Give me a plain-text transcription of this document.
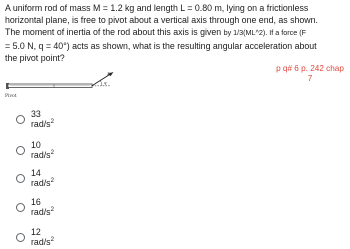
A uniform rod of mass M = 1.2 kg and length L = 0.80 m, lying on a frictionless

horizontal plane, is free to pivot about a vertical axis through one end, as shown.

The moment of inertia of the rod about this axis is given by 1/3(ML^2). If a force (F

= 5.0 N, q = 40°) acts as shown, what is the resulting angular acceleration about

the pivot point?

p q# 6 p. 242 chap
7
F
q
Pivot
33 rad/$s^2$
10 rad/$s^2$
14 rad/$s^2$
16 rad/$s^2$
12 rad/$s^2$
